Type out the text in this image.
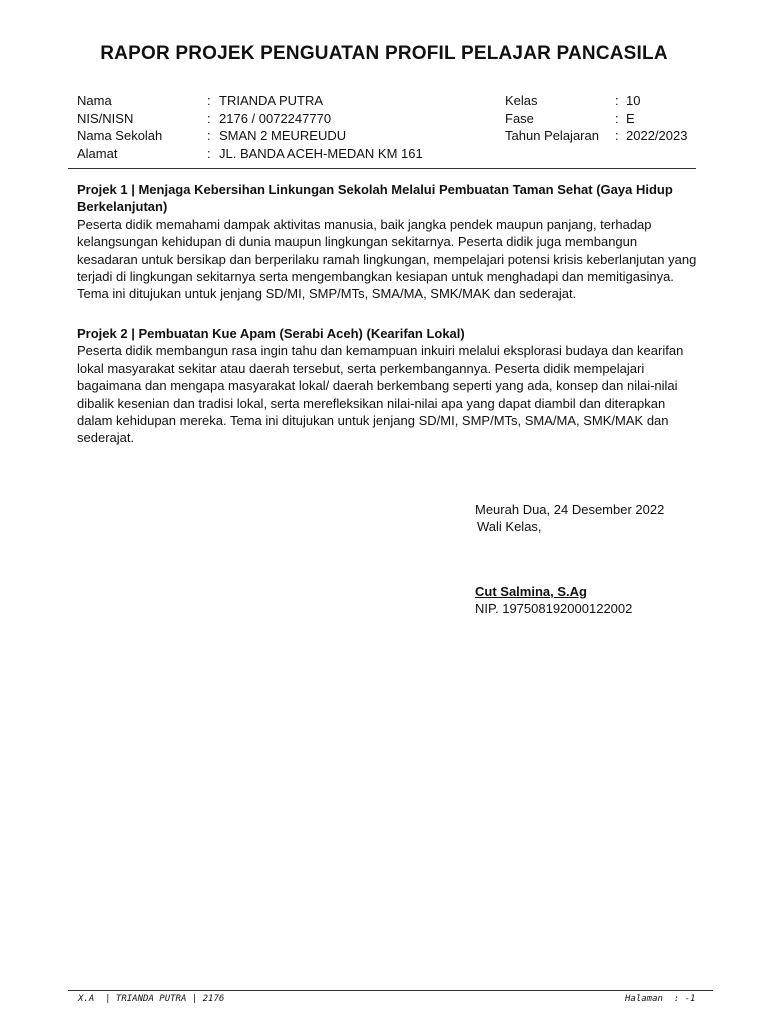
RAPOR PROJEK PENGUATAN PROFIL PELAJAR PANCASILA
Nama	: TRIANDA PUTRA
NIS/NISN	: 2176 / 0072247770
Nama Sekolah	: SMAN 2 MEUREUDU
Alamat	: JL. BANDA ACEH-MEDAN KM 161
Kelas	: 10
Fase	: E
Tahun Pelajaran : 2022/2023
Projek 1 | Menjaga Kebersihan Linkungan Sekolah Melalui Pembuatan Taman Sehat (Gaya Hidup Berkelanjutan)

Peserta didik memahami dampak aktivitas manusia, baik jangka pendek maupun panjang, terhadap kelangsungan kehidupan di dunia maupun lingkungan sekitarnya. Peserta didik juga membangun kesadaran untuk bersikap dan berperilaku ramah lingkungan, mempelajari potensi krisis keberlanjutan yang terjadi di lingkungan sekitarnya serta mengembangkan kesiapan untuk menghadapi dan memitigasinya. Tema ini ditujukan untuk jenjang SD/MI, SMP/MTs, SMA/MA, SMK/MAK dan sederajat.

Projek 2 | Pembuatan Kue Apam (Serabi Aceh) (Kearifan Lokal)

Peserta didik membangun rasa ingin tahu dan kemampuan inkuiri melalui eksplorasi budaya dan kearifan lokal masyarakat sekitar atau daerah tersebut, serta perkembangannya. Peserta didik mempelajari bagaimana dan mengapa masyarakat lokal/ daerah berkembang seperti yang ada, konsep dan nilai-nilai dibalik kesenian dan tradisi lokal, serta merefleksikan nilai-nilai apa yang dapat diambil dan diterapkan dalam kehidupan mereka. Tema ini ditujukan untuk jenjang SD/MI, SMP/MTs, SMA/MA, SMK/MAK dan sederajat.

Meurah Dua, 24 Desember 2022
Wali Kelas,
Cut Salmina, S.Ag
NIP. 197508192000122002
X.A  | TRIANDA PUTRA | 2176	Halaman  : -1
